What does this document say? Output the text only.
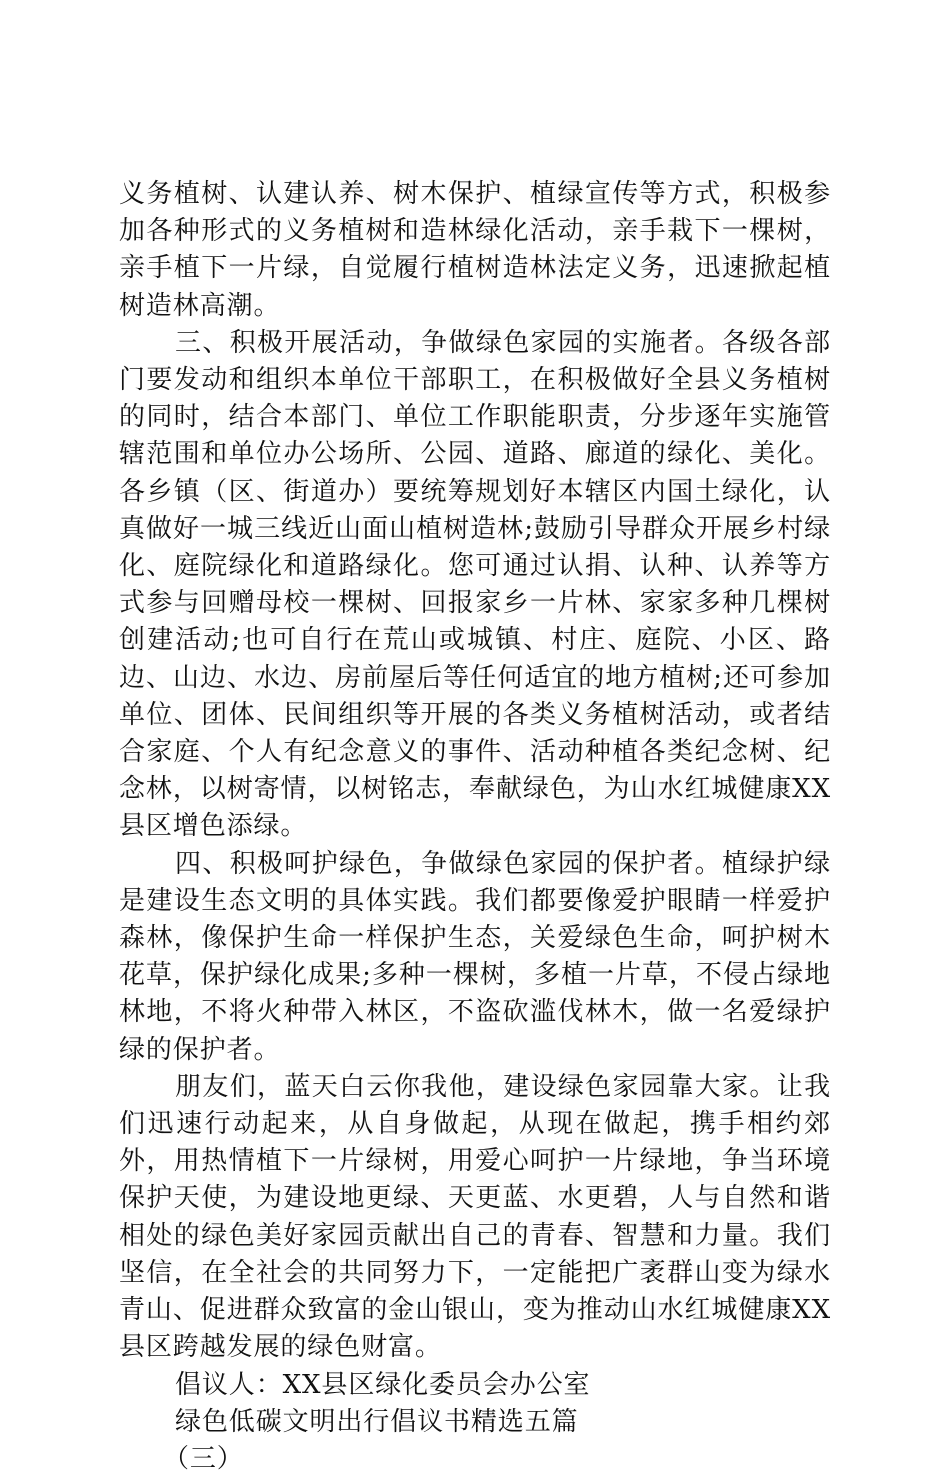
义务植树、认建认养、树木保护、植绿宣传等方式，积极参加各种形式的义务植树和造林绿化活动，亲手栽下一棵树，亲手植下一片绿，自觉履行植树造林法定义务，迅速掀起植树造林高潮。

三、积极开展活动，争做绿色家园的实施者。各级各部门要发动和组织本单位干部职工，在积极做好全县义务植树的同时，结合本部门、单位工作职能职责，分步逐年实施管辖范围和单位办公场所、公园、道路、廊道的绿化、美化。各乡镇（区、街道办）要统筹规划好本辖区内国土绿化，认真做好一城三线近山面山植树造林;鼓励引导群众开展乡村绿化、庭院绿化和道路绿化。您可通过认捐、认种、认养等方式参与回赠母校一棵树、回报家乡一片林、家家多种几棵树创建活动;也可自行在荒山或城镇、村庄、庭院、小区、路边、山边、水边、房前屋后等任何适宜的地方植树;还可参加单位、团体、民间组织等开展的各类义务植树活动，或者结合家庭、个人有纪念意义的事件、活动种植各类纪念树、纪念林，以树寄情，以树铭志，奉献绿色，为山水红城健康XX县区增色添绿。

四、积极呵护绿色，争做绿色家园的保护者。植绿护绿是建设生态文明的具体实践。我们都要像爱护眼睛一样爱护森林，像保护生命一样保护生态，关爱绿色生命，呵护树木花草，保护绿化成果;多种一棵树，多植一片草，不侵占绿地林地，不将火种带入林区，不盗砍滥伐林木，做一名爱绿护绿的保护者。

朋友们，蓝天白云你我他，建设绿色家园靠大家。让我们迅速行动起来，从自身做起，从现在做起，携手相约郊外，用热情植下一片绿树，用爱心呵护一片绿地，争当环境保护天使，为建设地更绿、天更蓝、水更碧，人与自然和谐相处的绿色美好家园贡献出自己的青春、智慧和力量。我们坚信，在全社会的共同努力下，一定能把广袤群山变为绿水青山、促进群众致富的金山银山，变为推动山水红城健康XX县区跨越发展的绿色财富。

倡议人：XX县区绿化委员会办公室

绿色低碳文明出行倡议书精选五篇

（三）
